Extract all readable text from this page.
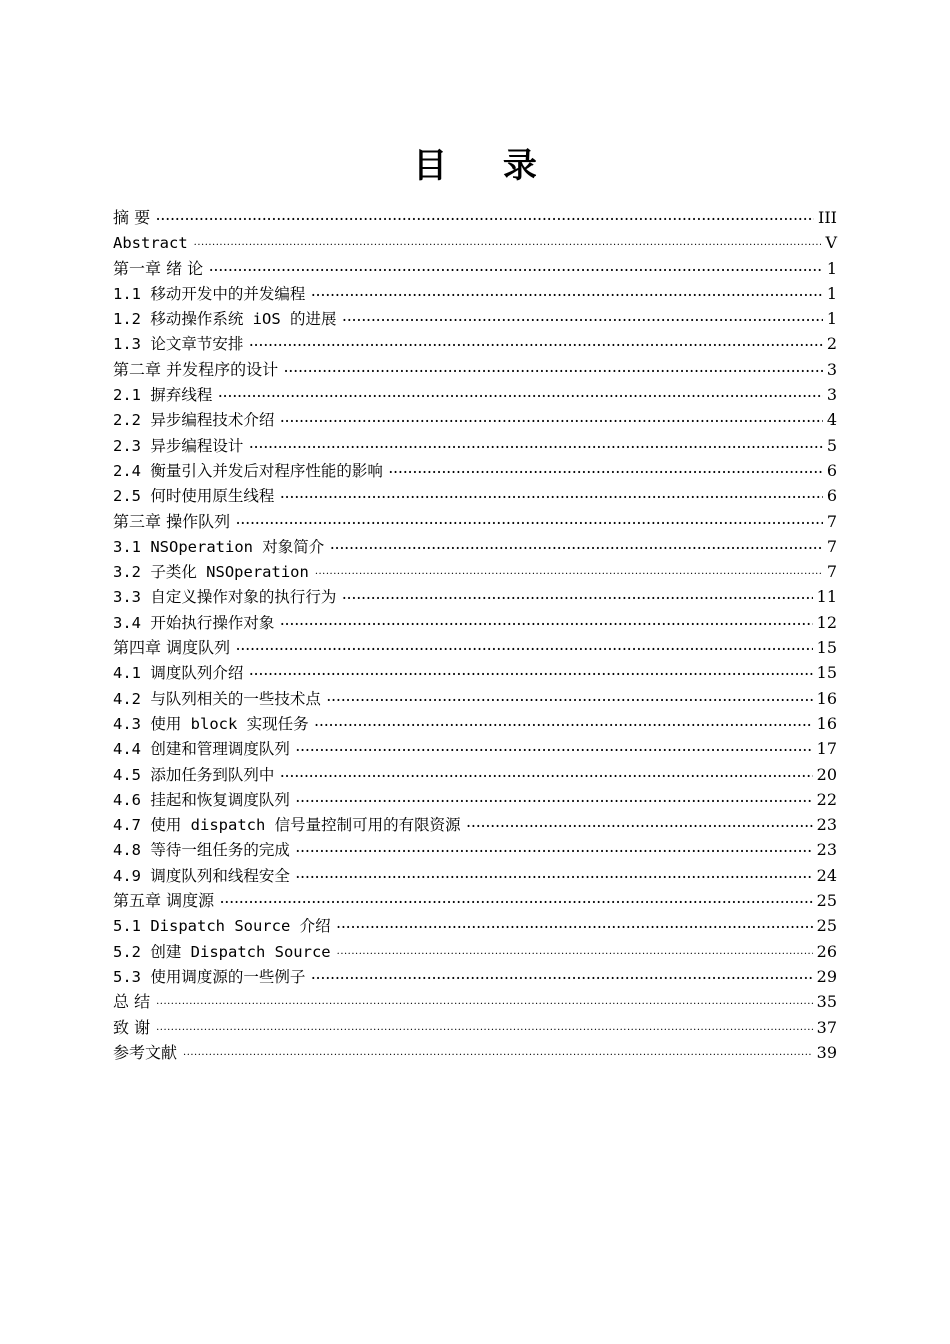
目 录
摘 要 ·····	III
Abstract ·····	V
第一章 绪 论 ·····	1
1.1 移动开发中的并发编程 ·····	1
1.2 移动操作系统 iOS 的进展 ·····	1
1.3 论文章节安排 ·····	2
第二章 并发程序的设计 ·····	3
2.1 摒弃线程 ·····	3
2.2 异步编程技术介绍 ·····	4
2.3 异步编程设计 ·····	5
2.4 衡量引入并发后对程序性能的影响 ·····	6
2.5 何时使用原生线程 ·····	6
第三章 操作队列 ·····	7
3.1 NSOperation 对象简介 ·····	7
3.2 子类化 NSOperation ·····	7
3.3 自定义操作对象的执行行为 ·····	11
3.4 开始执行操作对象 ·····	12
第四章 调度队列 ·····	15
4.1 调度队列介绍 ·····	15
4.2 与队列相关的一些技术点 ·····	16
4.3 使用 block 实现任务 ·····	16
4.4 创建和管理调度队列 ·····	17
4.5 添加任务到队列中 ·····	20
4.6 挂起和恢复调度队列 ·····	22
4.7 使用 dispatch 信号量控制可用的有限资源 ·····	23
4.8 等待一组任务的完成 ·····	23
4.9 调度队列和线程安全 ·····	24
第五章 调度源 ·····	25
5.1 Dispatch Source 介绍 ·····	25
5.2 创建 Dispatch Source ·····	26
5.3 使用调度源的一些例子 ·····	29
总 结 ·····	35
致 谢 ·····	37
参考文献 ·····	39
